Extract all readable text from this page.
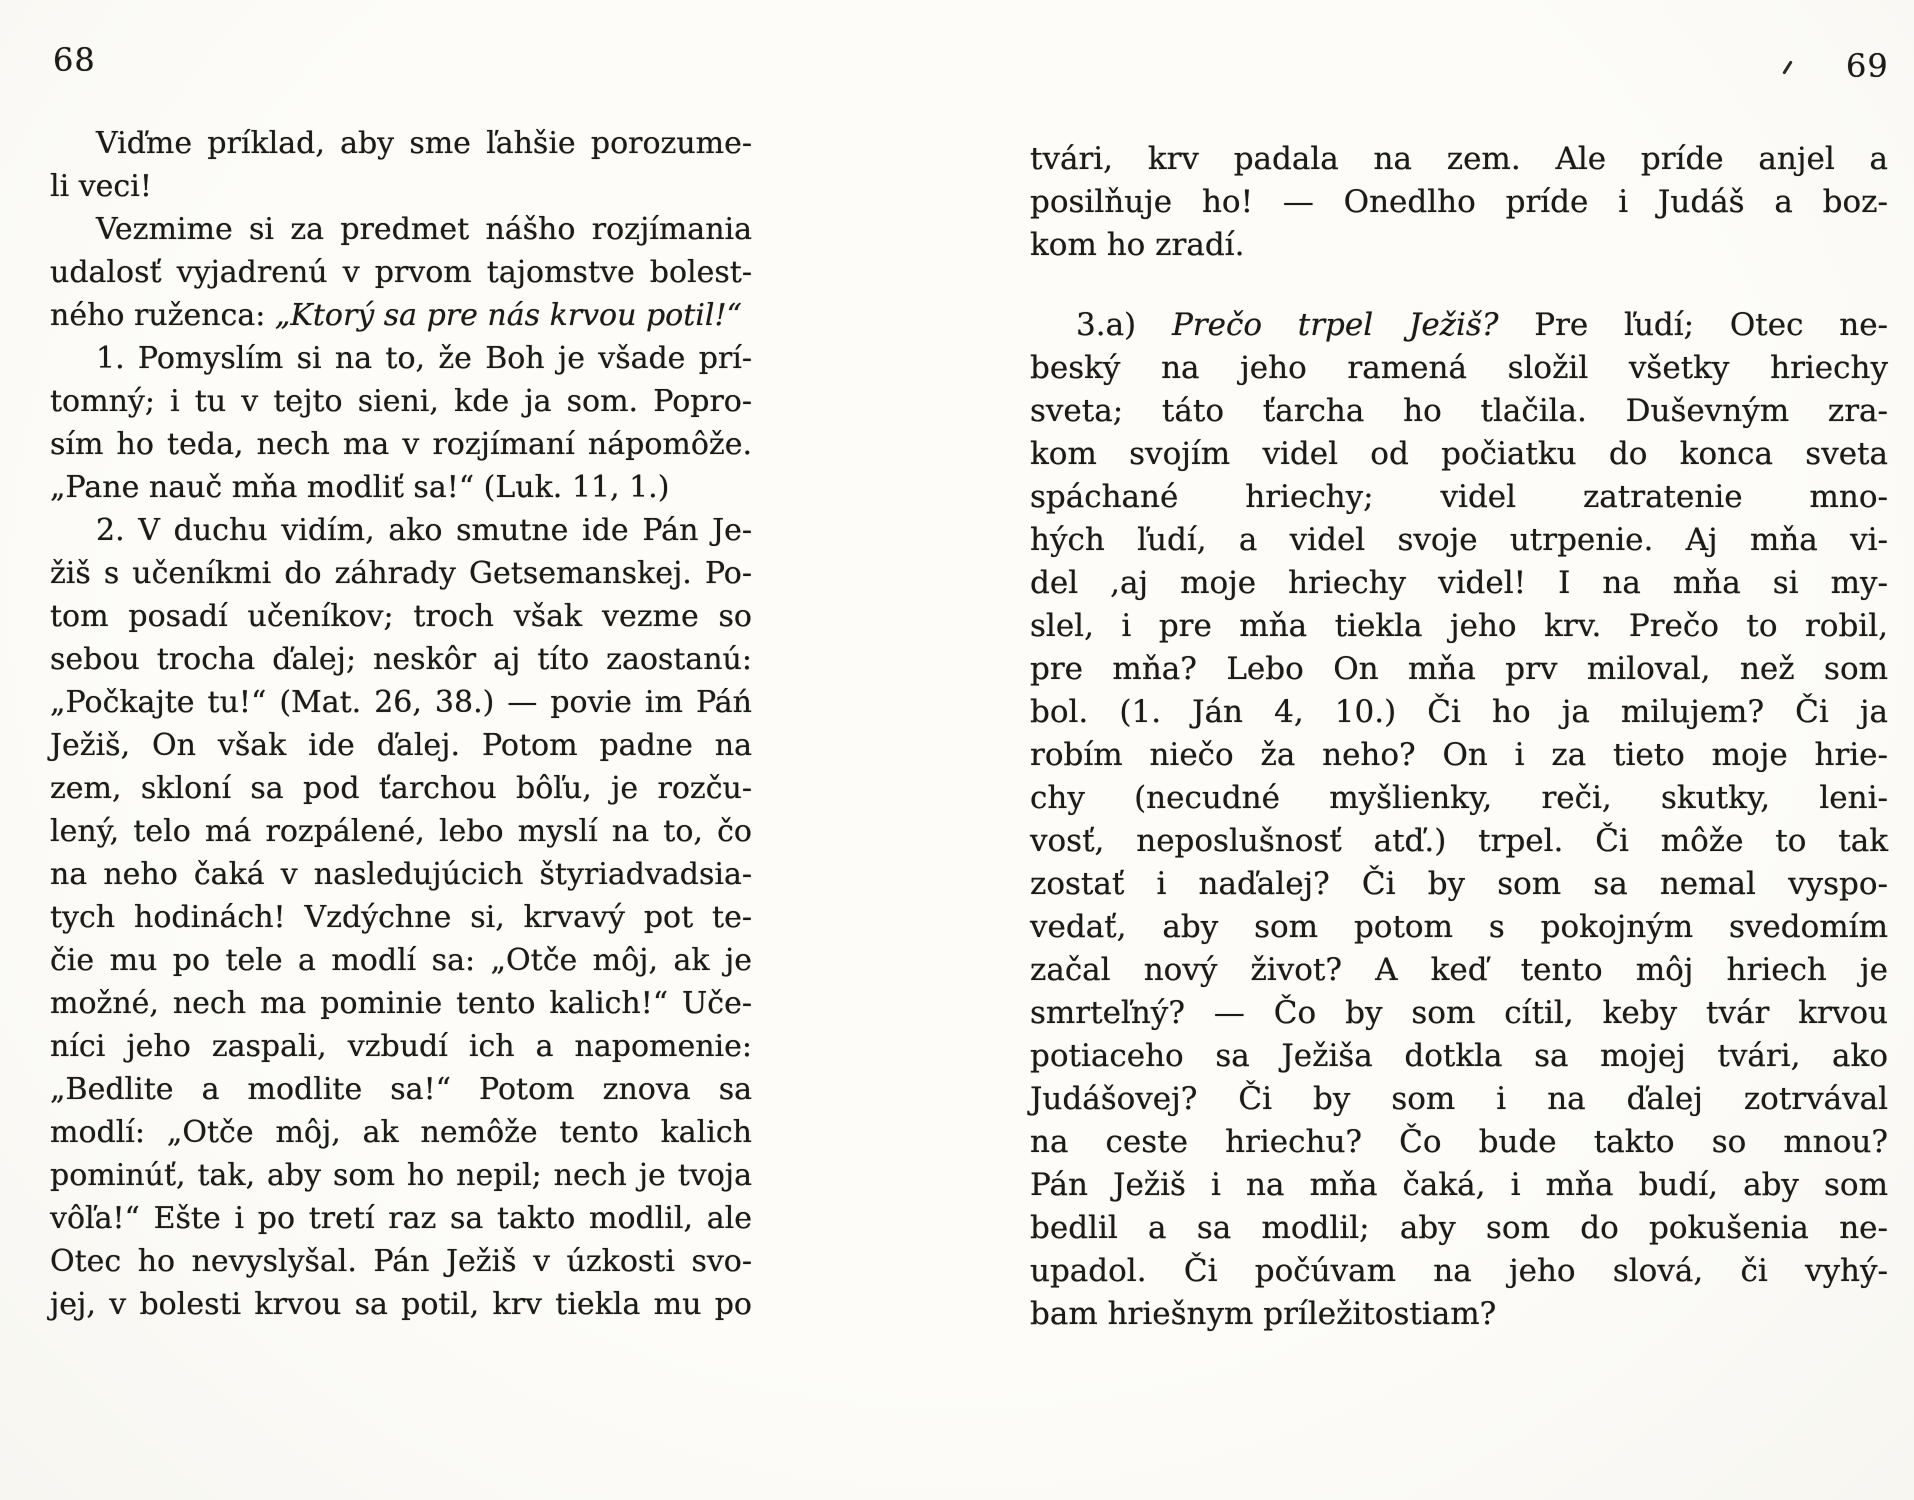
68	69
Viďme príklad, aby sme ľahšie porozume-
li veci!
Vezmime si za predmet nášho rozjímania
udalosť vyjadrenú v prvom tajomstve bolest-
ného ruženca: „Ktorý sa pre nás krvou potil!“
1. Pomyslím si na to, že Boh je všade prí-
tomný; i tu v tejto sieni, kde ja som. Popro-
sím ho teda, nech ma v rozjímaní nápomôže.
„Pane nauč mňa modliť sa!“ (Luk. 11, 1.)
2. V duchu vidím, ako smutne ide Pán Je-
žiš s učeníkmi do záhrady Getsemanskej. Po-
tom posadí učeníkov; troch však vezme so
sebou trocha ďalej; neskôr aj títo zaostanú:
„Počkajte tu!“ (Mat. 26, 38.) — povie im Páń
Ježiš, On však ide ďalej. Potom padne na
zem, skloní sa pod ťarchou bôľu, je rozču-
lený, telo má rozpálené, lebo myslí na to, čo
na neho čaká v nasledujúcich štyriadvadsia-
tych hodinách! Vzdýchne si, krvavý pot te-
čie mu po tele a modlí sa: „Otče môj, ak je
možné, nech ma pominie tento kalich!“ Uče-
níci jeho zaspali, vzbudí ich a napomenie:
„Bedlite a modlite sa!“ Potom znova sa
modlí: „Otče môj, ak nemôže tento kalich
pominúť, tak, aby som ho nepil; nech je tvoja
vôľa!“ Ešte i po tretí raz sa takto modlil, ale
Otec ho nevyslyšal. Pán Ježiš v úzkosti svo-
jej, v bolesti krvou sa potil, krv tiekla mu po
tvári, krv padala na zem. Ale príde anjel a
posilňuje ho! — Onedlho príde i Judáš a boz-
kom ho zradí.
3.a) Prečo trpel Ježiš? Pre ľudí; Otec ne-
beský na jeho ramená složil všetky hriechy
sveta; táto ťarcha ho tlačila. Duševným zra-
kom svojím videl od počiatku do konca sveta
spáchané hriechy; videl zatratenie mno-
hých ľudí, a videl svoje utrpenie. Aj mňa vi-
del ,aj moje hriechy videl! I na mňa si my-
slel, i pre mňa tiekla jeho krv. Prečo to robil,
pre mňa? Lebo On mňa prv miloval, než som
bol. (1. Ján 4, 10.) Či ho ja milujem? Či ja
robím niečo ža neho? On i za tieto moje hrie-
chy (necudné myšlienky, reči, skutky, leni-
vosť, neposlušnosť atď.) trpel. Či môže to tak
zostať i naďalej? Či by som sa nemal vyspo-
vedať, aby som potom s pokojným svedomím
začal nový život? A keď tento môj hriech je
smrteľný? — Čo by som cítil, keby tvár krvou
potiaceho sa Ježiša dotkla sa mojej tvári, ako
Judášovej? Či by som i na ďalej zotrvával
na ceste hriechu? Čo bude takto so mnou?
Pán Ježiš i na mňa čaká, i mňa budí, aby som
bedlil a sa modlil; aby som do pokušenia ne-
upadol. Či počúvam na jeho slová, či vyhý-
bam hriešnym príležitostiam?
